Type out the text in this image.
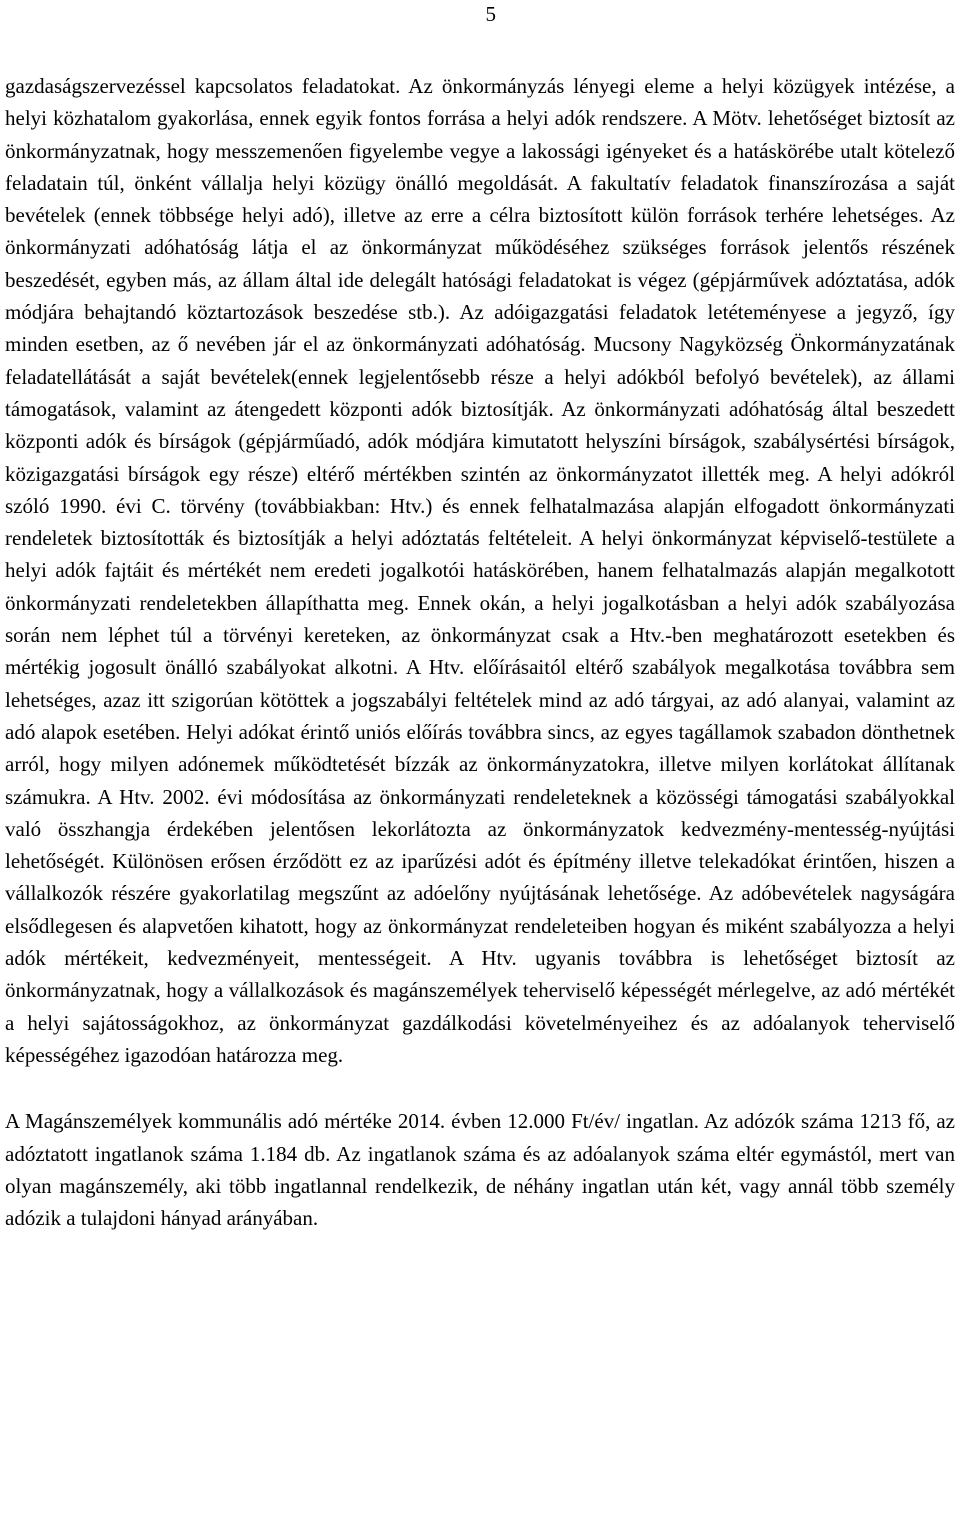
5

gazdaságszervezéssel kapcsolatos feladatokat. Az önkormányzás lényegi eleme a helyi közügyek intézése, a helyi közhatalom gyakorlása, ennek egyik fontos forrása a helyi adók rendszere. A Mötv. lehetőséget biztosít az önkormányzatnak, hogy messzemenően figyelembe vegye a lakossági igényeket és a hatáskörébe utalt kötelező feladatain túl, önként vállalja helyi közügy önálló megoldását. A fakultatív feladatok finanszírozása a saját bevételek (ennek többsége helyi adó), illetve az erre a célra biztosított külön források terhére lehetséges. Az önkormányzati adóhatóság látja el az önkormányzat működéséhez szükséges források jelentős részének beszedését, egyben más, az állam által ide delegált hatósági feladatokat is végez (gépjárművek adóztatása, adók módjára behajtandó köztartozások beszedése stb.). Az adóigazgatási feladatok letéteményese a jegyző, így minden esetben, az ő nevében jár el az önkormányzati adóhatóság. Mucsony Nagyközség Önkormányzatának feladatellátását a saját bevételek(ennek legjelentősebb része a helyi adókból befolyó bevételek), az állami támogatások, valamint az átengedett központi adók biztosítják. Az önkormányzati adóhatóság által beszedett központi adók és bírságok (gépjárműadó, adók módjára kimutatott helyszíni bírságok, szabálysértési bírságok, közigazgatási bírságok egy része) eltérő mértékben szintén az önkormányzatot illették meg. A helyi adókról szóló 1990. évi C. törvény (továbbiakban: Htv.) és ennek felhatalmazása alapján elfogadott önkormányzati rendeletek biztosították és biztosítják a helyi adóztatás feltételeit. A helyi önkormányzat képviselő-testülete a helyi adók fajtáit és mértékét nem eredeti jogalkotói hatáskörében, hanem felhatalmazás alapján megalkotott önkormányzati rendeletekben állapíthatta meg. Ennek okán, a helyi jogalkotásban a helyi adók szabályozása során nem léphet túl a törvényi kereteken, az önkormányzat csak a Htv.-ben meghatározott esetekben és mértékig jogosult önálló szabályokat alkotni. A Htv. előírásaitól eltérő szabályok megalkotása továbbra sem lehetséges, azaz itt szigorúan kötöttek a jogszabályi feltételek mind az adó tárgyai, az adó alanyai, valamint az adó alapok esetében. Helyi adókat érintő uniós előírás továbbra sincs, az egyes tagállamok szabadon dönthetnek arról, hogy milyen adónemek működtetését bízzák az önkormányzatokra, illetve milyen korlátokat állítanak számukra. A Htv. 2002. évi módosítása az önkormányzati rendeleteknek a közösségi támogatási szabályokkal való összhangja érdekében jelentősen lekorlátozta az önkormányzatok kedvezmény-mentesség-nyújtási lehetőségét. Különösen erősen érződött ez az iparűzési adót és építmény illetve telekadókat érintően, hiszen a vállalkozók részére gyakorlatilag megszűnt az adóelőny nyújtásának lehetősége. Az adóbevételek nagyságára elsődlegesen és alapvetően kihatott, hogy az önkormányzat rendeleteiben hogyan és miként szabályozza a helyi adók mértékeit, kedvezményeit, mentességeit. A Htv. ugyanis továbbra is lehetőséget biztosít az önkormányzatnak, hogy a vállalkozások és magánszemélyek teherviselő képességét mérlegelve, az adó mértékét a helyi sajátosságokhoz, az önkormányzat gazdálkodási követelményeihez és az adóalanyok teherviselő képességéhez igazodóan határozza meg.

A Magánszemélyek kommunális adó mértéke 2014. évben 12.000 Ft/év/ ingatlan. Az adózók száma 1213 fő, az adóztatott ingatlanok száma 1.184 db. Az ingatlanok száma és az adóalanyok száma eltér egymástól, mert van olyan magánszemély, aki több ingatlannal rendelkezik, de néhány ingatlan után két, vagy annál több személy adózik a tulajdoni hányad arányában.
